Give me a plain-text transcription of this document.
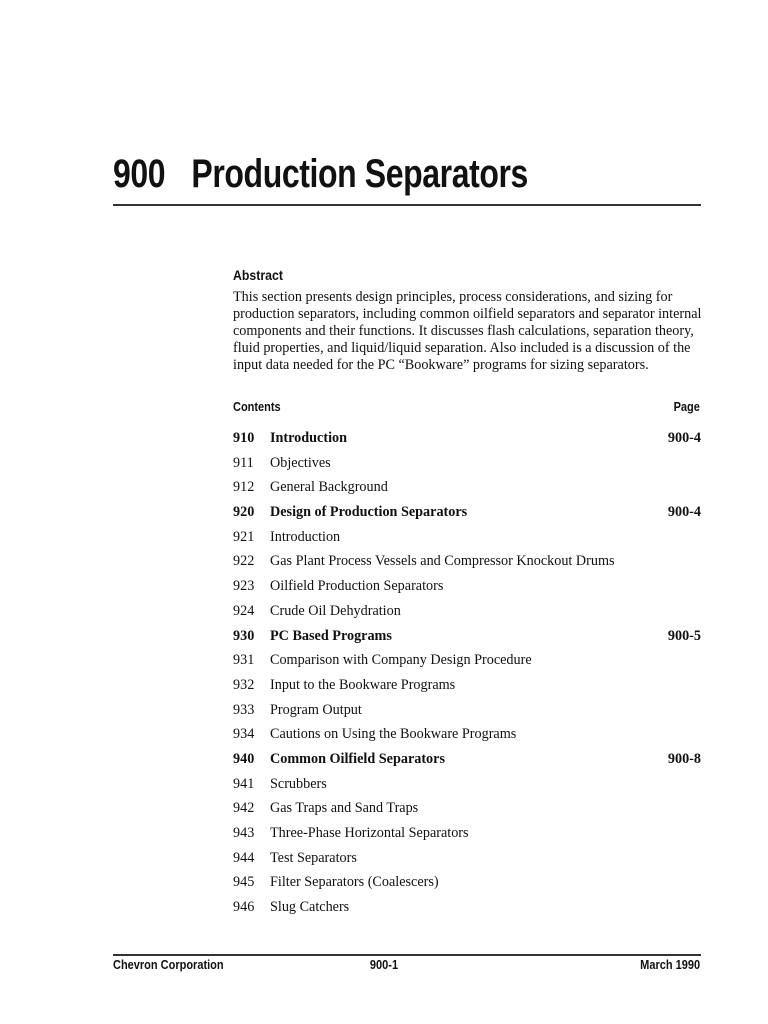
900 Production Separators
Abstract
This section presents design principles, process considerations, and sizing for production separators, including common oilfield separators and separator internal components and their functions. It discusses flash calculations, separation theory, fluid properties, and liquid/liquid separation. Also included is a discussion of the input data needed for the PC “Bookware” programs for sizing separators.
Contents	Page
910 Introduction	900-4
911 Objectives
912 General Background
920 Design of Production Separators	900-4
921 Introduction
922 Gas Plant Process Vessels and Compressor Knockout Drums
923 Oilfield Production Separators
924 Crude Oil Dehydration
930 PC Based Programs	900-5
931 Comparison with Company Design Procedure
932 Input to the Bookware Programs
933 Program Output
934 Cautions on Using the Bookware Programs
940 Common Oilfield Separators	900-8
941 Scrubbers
942 Gas Traps and Sand Traps
943 Three-Phase Horizontal Separators
944 Test Separators
945 Filter Separators (Coalescers)
946 Slug Catchers
Chevron Corporation	900-1	March 1990
